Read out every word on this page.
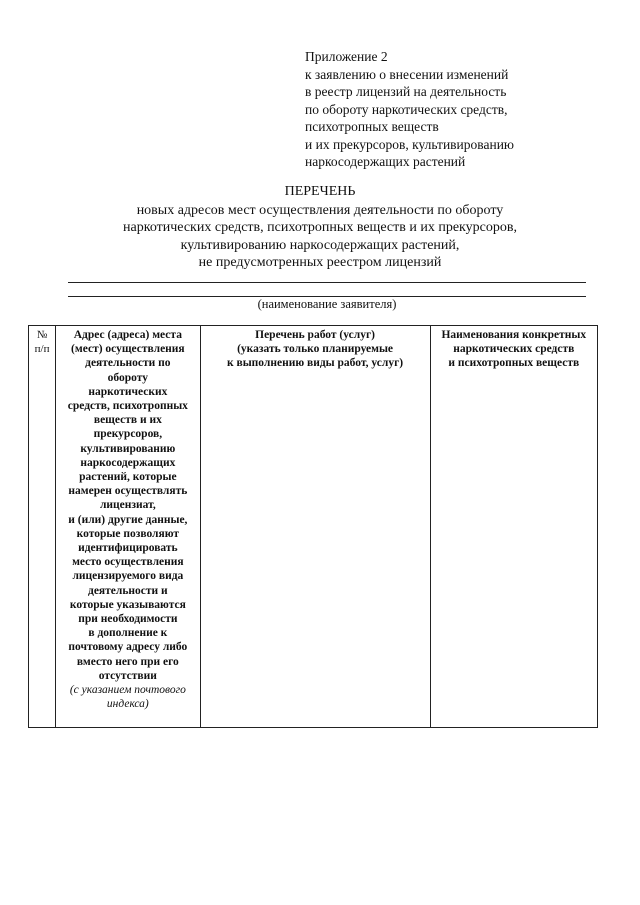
Приложение 2
к заявлению о внесении изменений
в реестр лицензий на деятельность
по обороту наркотических средств,
психотропных веществ
и их прекурсоров, культивированию
наркосодержащих растений
ПЕРЕЧЕНЬ
новых адресов мест осуществления деятельности по обороту
наркотических средств, психотропных веществ и их прекурсоров,
культивированию наркосодержащих растений,
не предусмотренных реестром лицензий
(наименование заявителя)
№
п/п

Адрес (адреса) места
(мест) осуществления
деятельности по
обороту
наркотических
средств, психотропных
веществ и их
прекурсоров,
культивированию
наркосодержащих
растений, которые
намерен осуществлять
лицензиат,
и (или) другие данные,
которые позволяют
идентифицировать
место осуществления
лицензируемого вида
деятельности и
которые указываются
при необходимости
в дополнение к
почтовому адресу либо
вместо него при его
отсутствии
(с указанием почтового
индекса)

Перечень работ (услуг)
(указать только планируемые
к выполнению виды работ, услуг)

Наименования конкретных
наркотических средств
и психотропных веществ
